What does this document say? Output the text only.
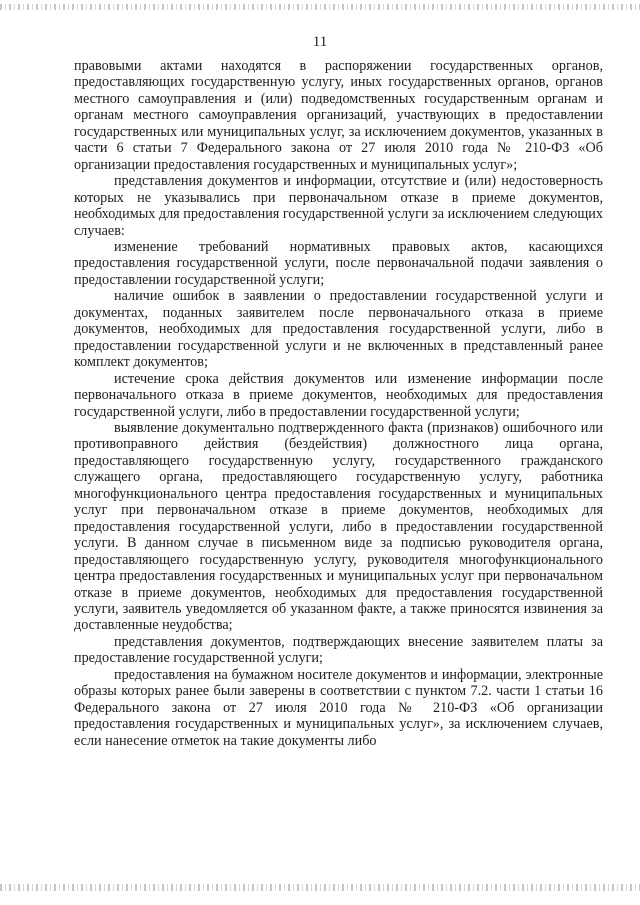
11

правовыми актами находятся в распоряжении государственных органов, предоставляющих государственную услугу, иных государственных органов, органов местного самоуправления и (или) подведомственных государственным органам и органам местного самоуправления организаций, участвующих в предоставлении государственных или муниципальных услуг, за исключением документов, указанных в части 6 статьи 7 Федерального закона от 27 июля 2010 года № 210-ФЗ «Об организации предоставления государственных и муниципальных услуг»;

представления документов и информации, отсутствие и (или) недостоверность которых не указывались при первоначальном отказе в приеме документов, необходимых для предоставления государственной услуги за исключением следующих случаев:

изменение требований нормативных правовых актов, касающихся предоставления государственной услуги, после первоначальной подачи заявления о предоставлении государственной услуги;

наличие ошибок в заявлении о предоставлении государственной услуги и документах, поданных заявителем после первоначального отказа в приеме документов, необходимых для предоставления государственной услуги, либо в предоставлении государственной услуги и не включенных в представленный ранее комплект документов;

истечение срока действия документов или изменение информации после первоначального отказа в приеме документов, необходимых для предоставления государственной услуги, либо в предоставлении государственной услуги;

выявление документально подтвержденного факта (признаков) ошибочного или противоправного действия (бездействия) должностного лица органа, предоставляющего государственную услугу, государственного гражданского служащего органа, предоставляющего государственную услугу, работника многофункционального центра предоставления государственных и муниципальных услуг при первоначальном отказе в приеме документов, необходимых для предоставления государственной услуги, либо в предоставлении государственной услуги. В данном случае в письменном виде за подписью руководителя органа, предоставляющего государственную услугу, руководителя многофункционального центра предоставления государственных и муниципальных услуг при первоначальном отказе в приеме документов, необходимых для предоставления государственной услуги, заявитель уведомляется об указанном факте, а также приносятся извинения за доставленные неудобства;

представления документов, подтверждающих внесение заявителем платы за предоставление государственной услуги;

предоставления на бумажном носителе документов и информации, электронные образы которых ранее были заверены в соответствии с пунктом 7.2. части 1 статьи 16 Федерального закона от 27 июля 2010 года № 210-ФЗ «Об организации предоставления государственных и муниципальных услуг», за исключением случаев, если нанесение отметок на такие документы либо
